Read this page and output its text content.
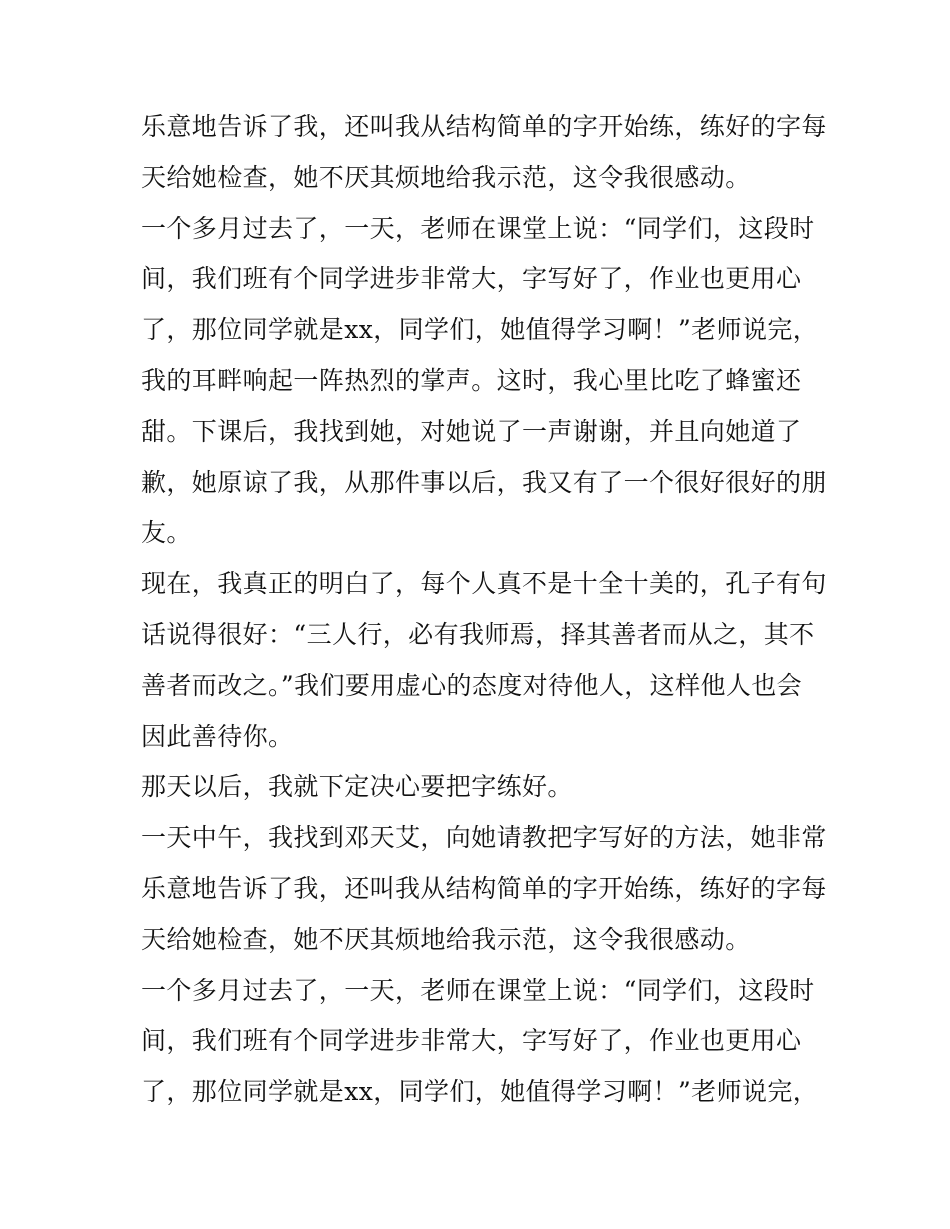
乐意地告诉了我，还叫我从结构简单的字开始练，练好的字每
天给她检查，她不厌其烦地给我示范，这令我很感动。
一个多月过去了，一天，老师在课堂上说：“同学们，这段时
间，我们班有个同学进步非常大，字写好了，作业也更用心
了，那位同学就是xx，同学们，她值得学习啊！”老师说完，
我的耳畔响起一阵热烈的掌声。这时，我心里比吃了蜂蜜还
甜。下课后，我找到她，对她说了一声谢谢，并且向她道了
歉，她原谅了我，从那件事以后，我又有了一个很好很好的朋
友。
现在，我真正的明白了，每个人真不是十全十美的，孔子有句
话说得很好：“三人行，必有我师焉，择其善者而从之，其不
善者而改之。”我们要用虚心的态度对待他人，这样他人也会
因此善待你。
那天以后，我就下定决心要把字练好。
一天中午，我找到邓天艾，向她请教把字写好的方法，她非常
乐意地告诉了我，还叫我从结构简单的字开始练，练好的字每
天给她检查，她不厌其烦地给我示范，这令我很感动。
一个多月过去了，一天，老师在课堂上说：“同学们，这段时
间，我们班有个同学进步非常大，字写好了，作业也更用心
了，那位同学就是xx，同学们，她值得学习啊！”老师说完，
